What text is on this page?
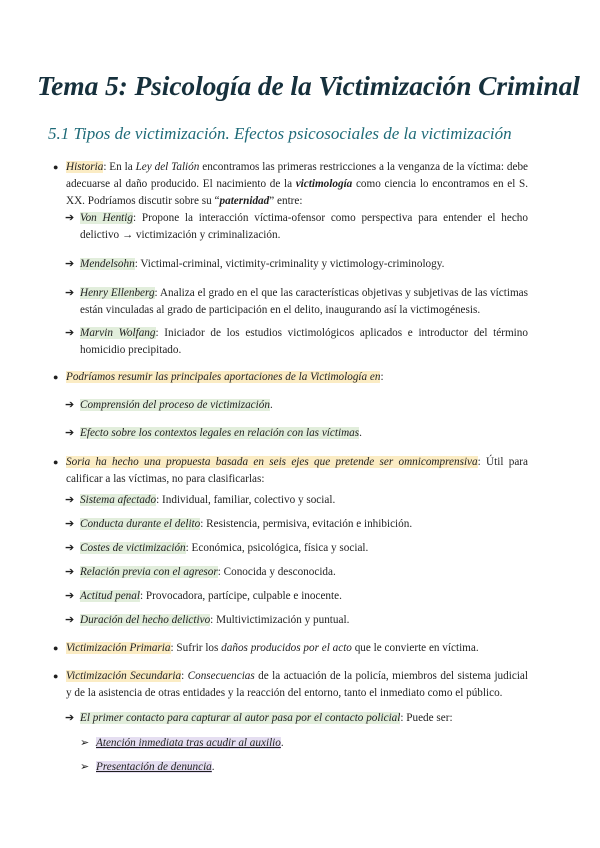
Tema 5: Psicología de la Victimización Criminal
5.1 Tipos de victimización. Efectos psicosociales de la victimización
● Historia: En la Ley del Talión encontramos las primeras restricciones a la venganza de la víctima: debe adecuarse al daño producido. El nacimiento de la victimología como ciencia lo encontramos en el S. XX. Podríamos discutir sobre su “paternidad” entre:
➔ Von Hentig: Propone la interacción víctima-ofensor como perspectiva para entender el hecho delictivo → victimización y criminalización.
➔ Mendelsohn: Victimal-criminal, victimity-criminality y victimology-criminology.
➔ Henry Ellenberg: Analiza el grado en el que las características objetivas y subjetivas de las víctimas están vinculadas al grado de participación en el delito, inaugurando así la victimogénesis.
➔ Marvin Wolfang: Iniciador de los estudios victimológicos aplicados e introductor del término homicidio precipitado.
● Podríamos resumir las principales aportaciones de la Victimología en:
➔ Comprensión del proceso de victimización.
➔ Efecto sobre los contextos legales en relación con las víctimas.
● Soria ha hecho una propuesta basada en seis ejes que pretende ser omnicomprensiva: Útil para calificar a las víctimas, no para clasificarlas:
➔ Sistema afectado: Individual, familiar, colectivo y social.
➔ Conducta durante el delito: Resistencia, permisiva, evitación e inhibición.
➔ Costes de victimización: Económica, psicológica, física y social.
➔ Relación previa con el agresor: Conocida y desconocida.
➔ Actitud penal: Provocadora, partícipe, culpable e inocente.
➔ Duración del hecho delictivo: Multivictimización y puntual.
● Victimización Primaria: Sufrir los daños producidos por el acto que le convierte en víctima.
● Victimización Secundaria: Consecuencias de la actuación de la policía, miembros del sistema judicial y de la asistencia de otras entidades y la reacción del entorno, tanto el inmediato como el público.
➔ El primer contacto para capturar al autor pasa por el contacto policial: Puede ser:
➢ Atención inmediata tras acudir al auxilio.
➢ Presentación de denuncia.
